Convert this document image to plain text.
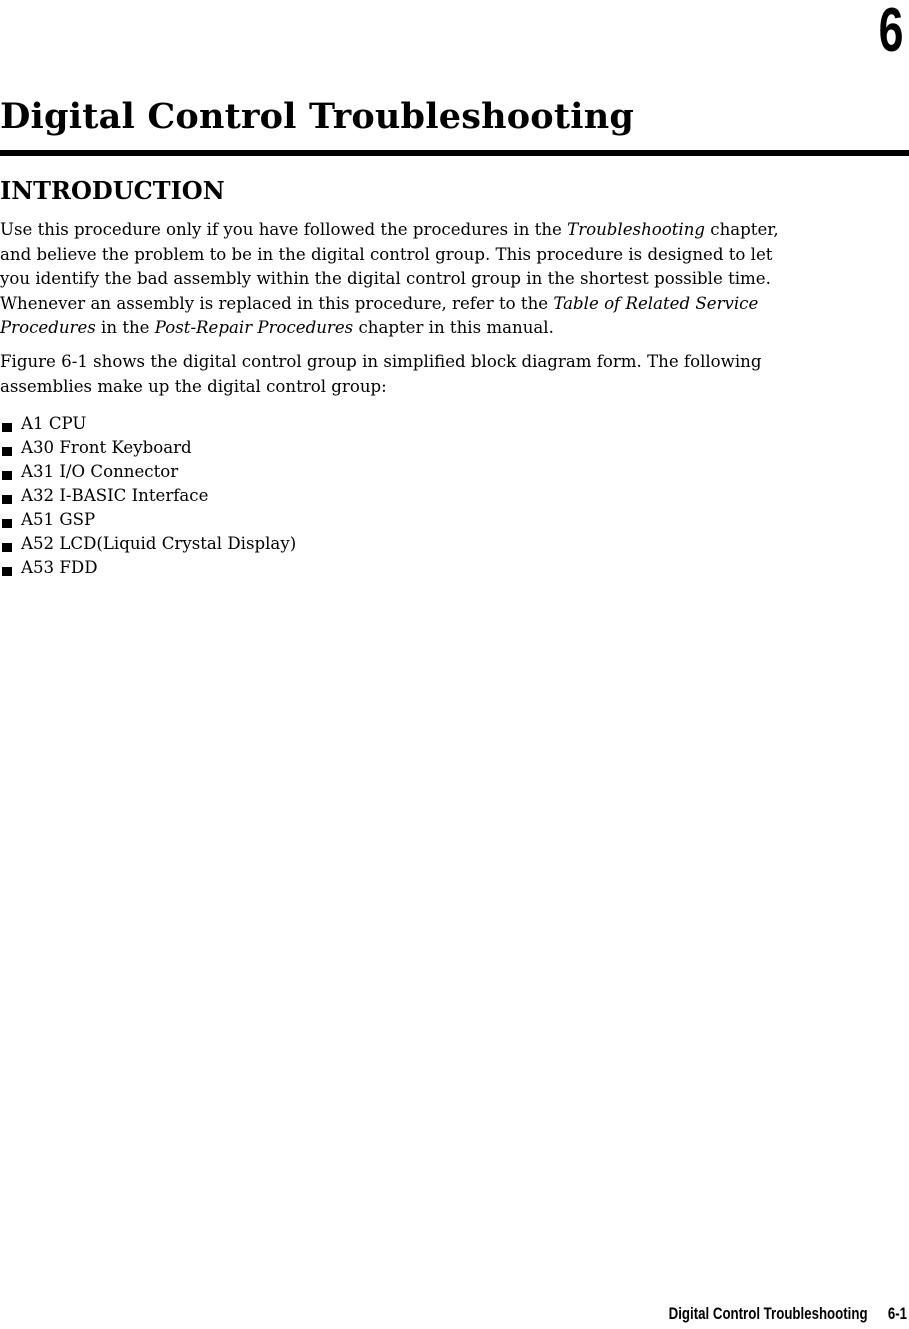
6
Digital Control Troubleshooting
INTRODUCTION
Use this procedure only if you have followed the procedures in the Troubleshooting chapter,
and believe the problem to be in the digital control group. This procedure is designed to let
you identify the bad assembly within the digital control group in the shortest possible time.
Whenever an assembly is replaced in this procedure, refer to the Table of Related Service
Procedures in the Post-Repair Procedures chapter in this manual.
Figure 6-1 shows the digital control group in simplified block diagram form. The following
assemblies make up the digital control group:
A1 CPU
A30 Front Keyboard
A31 I/O Connector
A32 I-BASIC Interface
A51 GSP
A52 LCD(Liquid Crystal Display)
A53 FDD
Digital Control Troubleshooting 6-1
